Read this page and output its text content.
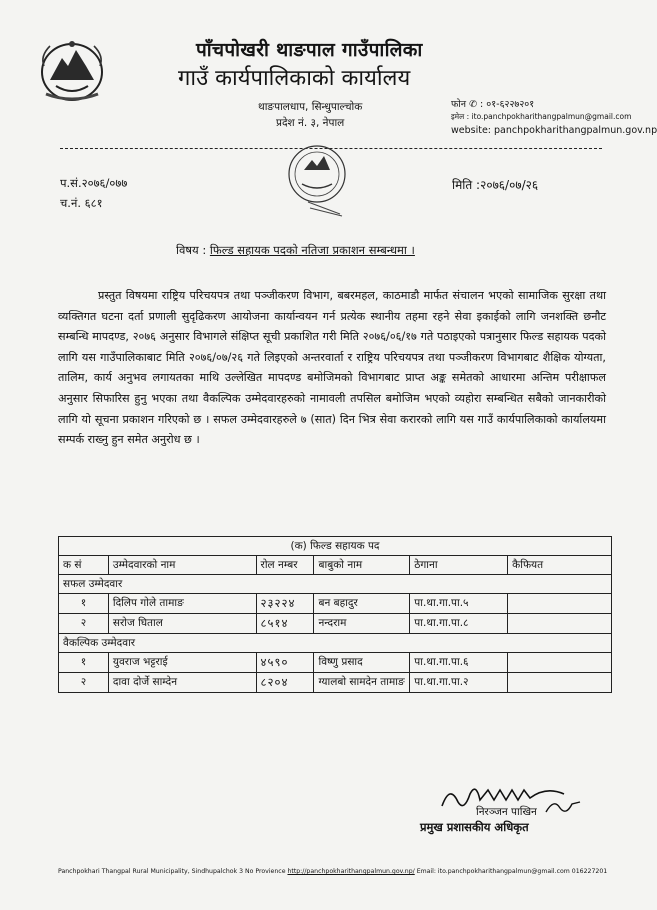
पाँचपोखरी थाङपाल गाउँपालिका
गाउँ कार्यपालिकाको कार्यालय
थाङपालधाप, सिन्धुपाल्चोक
प्रदेश नं. ३, नेपाल
फोन ✆ : ०१-६२२७२०१
इमेल : ito.panchpokharithangpalmun@gmail.com
website: panchpokharithangpalmun.gov.np
प.सं.२०७६/०७७
च.नं. ६८१
मिति :२०७६/०७/२६
विषय : फिल्ड सहायक पदको नतिजा प्रकाशन सम्बन्धमा ।

प्रस्तुत विषयमा राष्ट्रिय परिचयपत्र तथा पञ्जीकरण विभाग, बबरमहल, काठमाडौ मार्फत संचालन भएको सामाजिक सुरक्षा तथा व्यक्तिगत घटना दर्ता प्रणाली सुदृढिकरण आयोजना कार्यान्वयन गर्न प्रत्येक स्थानीय तहमा रहने सेवा इकाईको लागि जनशक्ति छनौट सम्बन्धि मापदण्ड, २०७६ अनुसार विभागले संक्षिप्त सूची प्रकाशित गरी मिति २०७६/०६/१७ गते पठाइएको पत्रानुसार फिल्ड सहायक पदको लागि यस गाउँपालिकाबाट मिति २०७६/०७/२६ गते लिइएको अन्तरवार्ता र राष्ट्रिय परिचयपत्र तथा पञ्जीकरण विभागबाट शैक्षिक योग्यता, तालिम, कार्य अनुभव लगायतका माथि उल्लेखित मापदण्ड बमोजिमको विभागबाट प्राप्त अङ्क समेतको आधारमा अन्तिम परीक्षाफल अनुसार सिफारिस हुनु भएका तथा वैकल्पिक उम्मेदवारहरुको नामावली तपसिल बमोजिम भएको व्यहोरा सम्बन्धित सबैको जानकारीको लागि यो सूचना प्रकाशन गरिएको छ । सफल उम्मेदवारहरुले ७ (सात) दिन भित्र सेवा करारको लागि यस गाउँ कार्यपालिकाको कार्यालयमा सम्पर्क राख्नु हुन समेत अनुरोध छ ।

(क) फिल्ड सहायक पद					
क सं	उम्मेदवारको नाम	रोल नम्बर	बाबुको नाम	ठेगाना	कैफियत
सफल उम्मेदवार					
१	दिलिप गोले तामाङ	२३२२४	बन बहादुर	पा.था.गा.पा.५	
२	सरोज घिताल	८५१४	नन्दराम	पा.था.गा.पा.८	
वैकल्पिक उम्मेदवार					
१	युवराज भट्टराई	४५९०	विष्णु प्रसाद	पा.था.गा.पा.६	
२	दावा दोर्जे साम्देन	८२०४	ग्यालबो सामदेन तामाङ	पा.था.गा.पा.२	
निरञ्जन पाखिन
प्रमुख प्रशासकीय अधिकृत
Panchpokhari Thangpal Rural Municipality, Sindhupalchok 3 No Provience http://panchpokharithangpalmun.gov.np/ Email: ito.panchpokharithangpalmun@gmail.com 016227201
